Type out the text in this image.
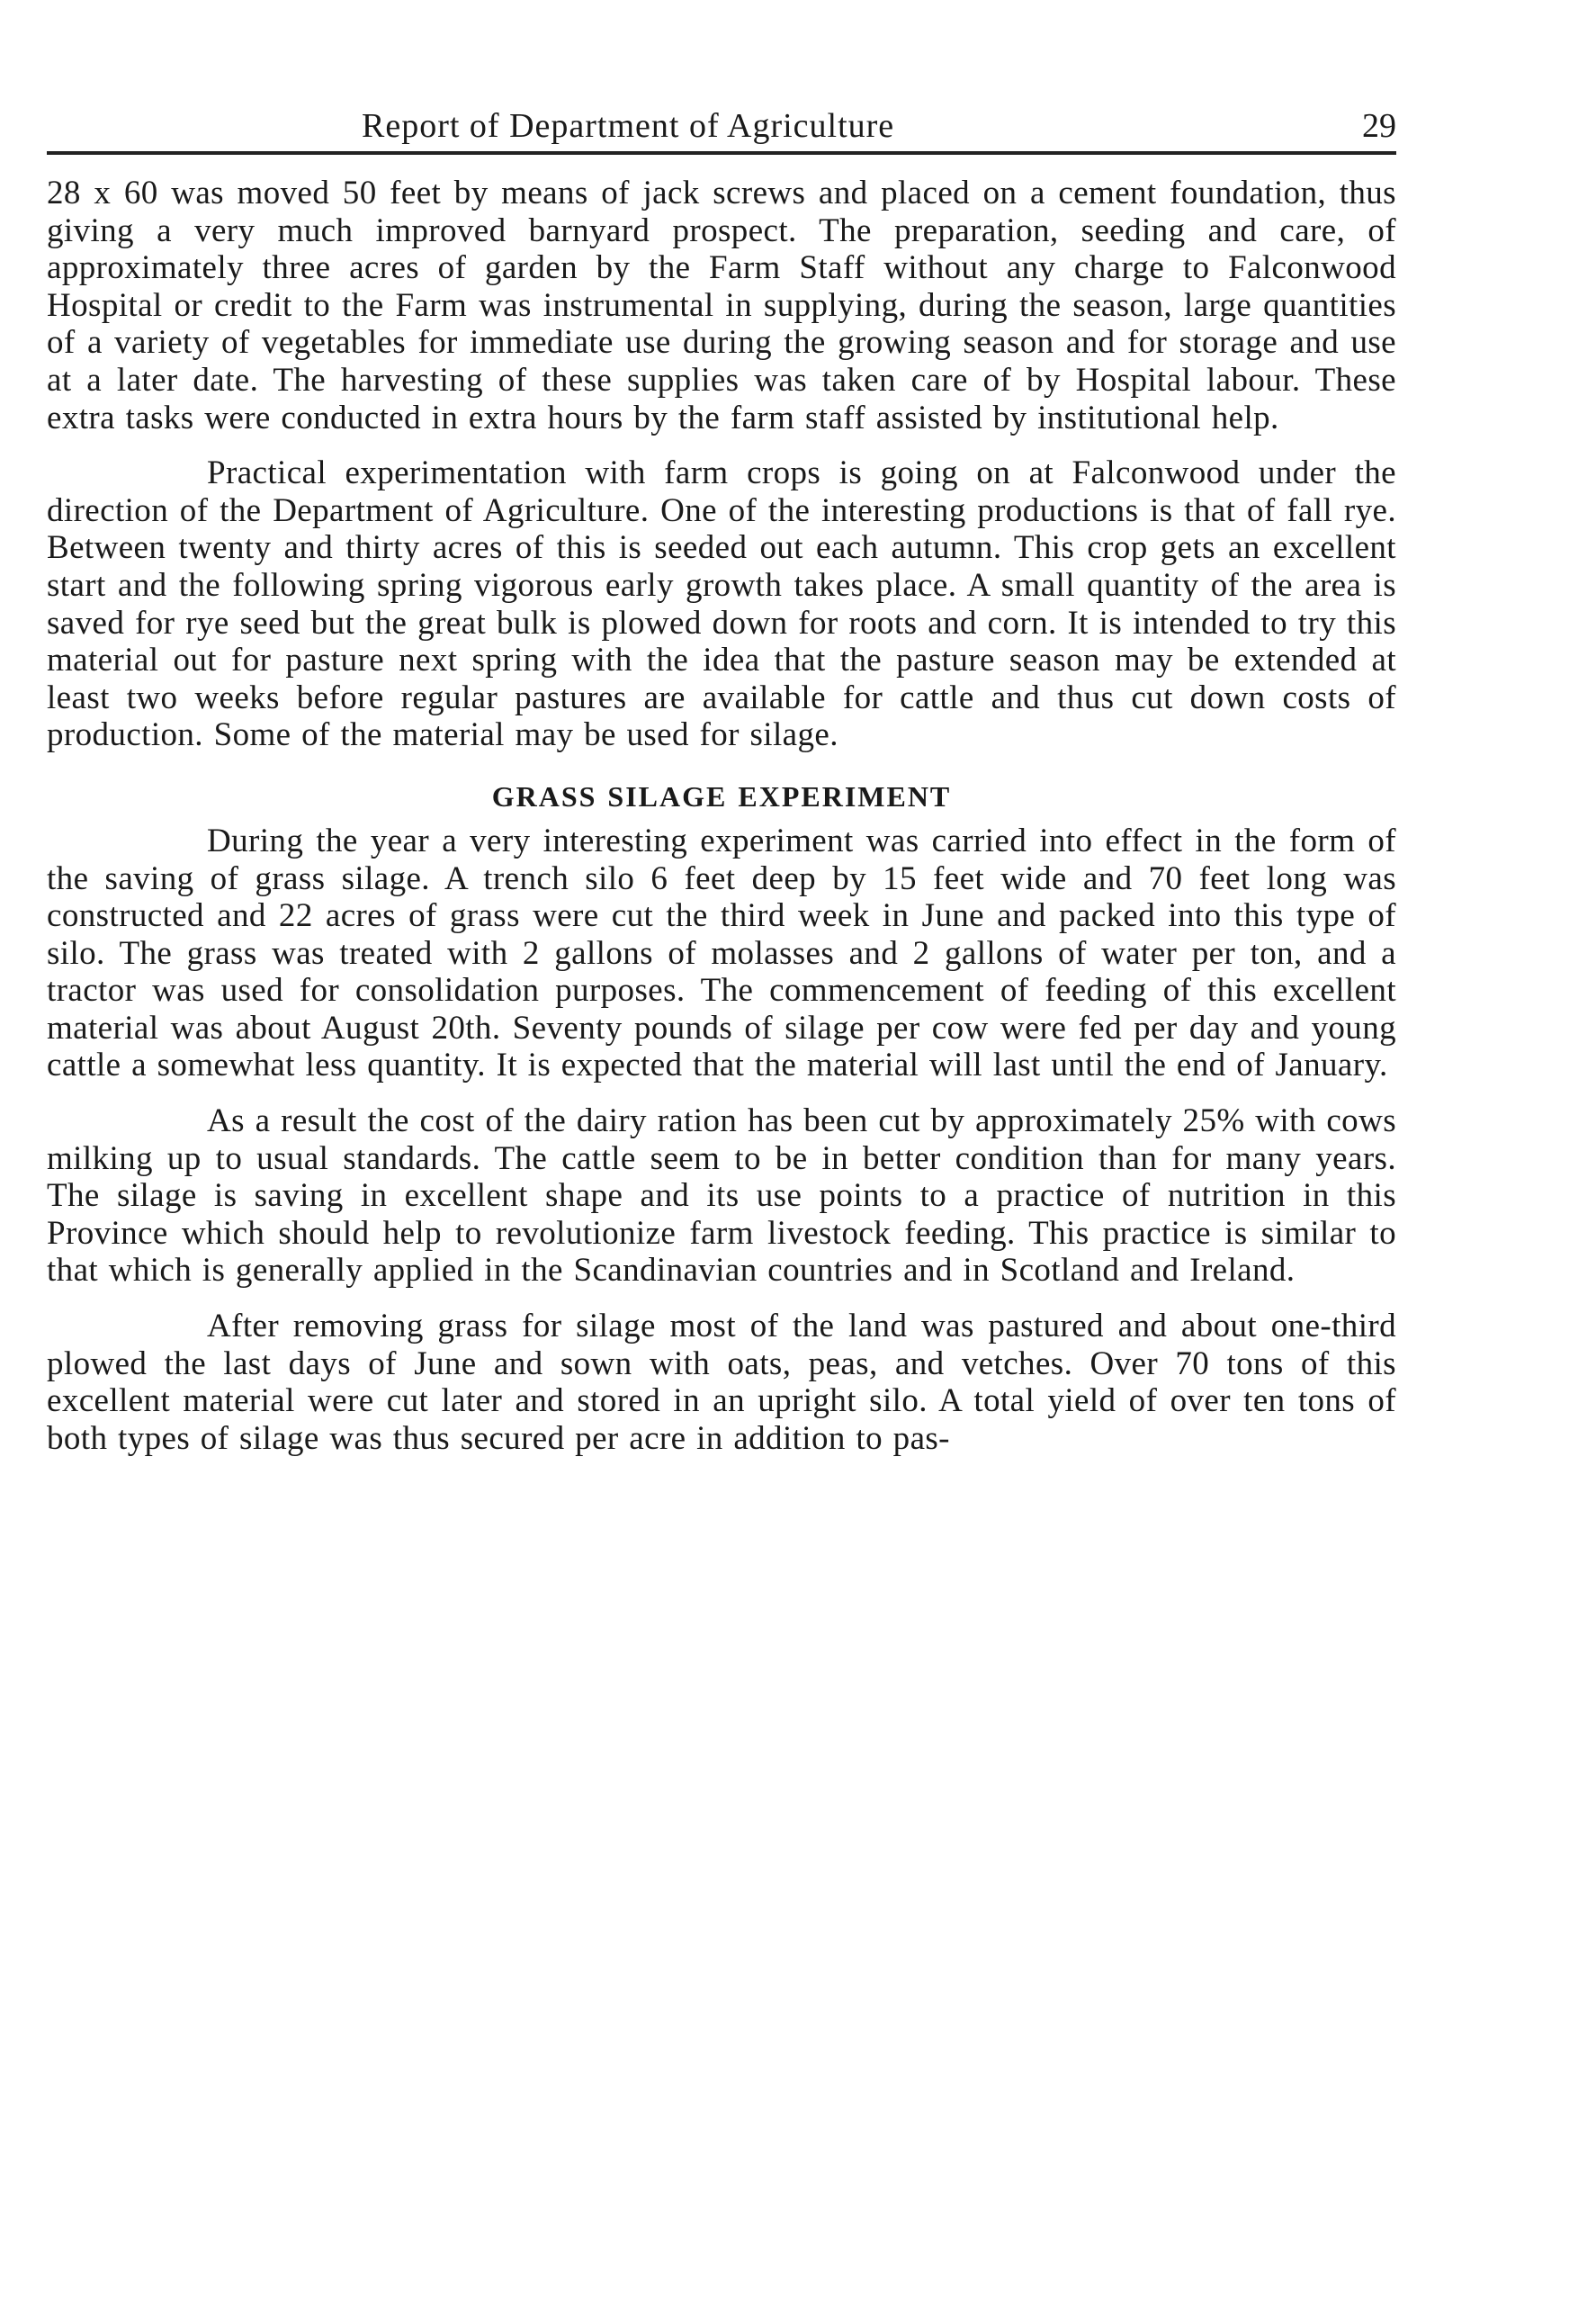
Report of Department of Agriculture	29

28 x 60 was moved 50 feet by means of jack screws and placed on a cement foundation, thus giving a very much improved barnyard prospect. The preparation, seeding and care, of approximately three acres of garden by the Farm Staff without any charge to Falconwood Hospital or credit to the Farm was instrumental in supplying, during the season, large quantities of a variety of vegetables for immediate use during the growing season and for storage and use at a later date. The harvesting of these supplies was taken care of by Hospital labour. These extra tasks were conducted in extra hours by the farm staff assisted by institutional help.

Practical experimentation with farm crops is going on at Falconwood under the direction of the Department of Agriculture. One of the interesting productions is that of fall rye. Between twenty and thirty acres of this is seeded out each autumn. This crop gets an excellent start and the following spring vigorous early growth takes place. A small quantity of the area is saved for rye seed but the great bulk is plowed down for roots and corn. It is intended to try this material out for pasture next spring with the idea that the pasture season may be extended at least two weeks before regular pastures are available for cattle and thus cut down costs of production. Some of the material may be used for silage.

GRASS SILAGE EXPERIMENT

During the year a very interesting experiment was carried into effect in the form of the saving of grass silage. A trench silo 6 feet deep by 15 feet wide and 70 feet long was constructed and 22 acres of grass were cut the third week in June and packed into this type of silo. The grass was treated with 2 gallons of molasses and 2 gallons of water per ton, and a tractor was used for consolidation purposes. The commencement of feeding of this excellent material was about August 20th. Seventy pounds of silage per cow were fed per day and young cattle a somewhat less quantity. It is expected that the material will last until the end of January.

As a result the cost of the dairy ration has been cut by approximately 25% with cows milking up to usual standards. The cattle seem to be in better condition than for many years. The silage is saving in excellent shape and its use points to a practice of nutrition in this Province which should help to revolutionize farm livestock feeding. This practice is similar to that which is generally applied in the Scandinavian countries and in Scotland and Ireland.

After removing grass for silage most of the land was pastured and about one-third plowed the last days of June and sown with oats, peas, and vetches. Over 70 tons of this excellent material were cut later and stored in an upright silo. A total yield of over ten tons of both types of silage was thus secured per acre in addition to pas-
